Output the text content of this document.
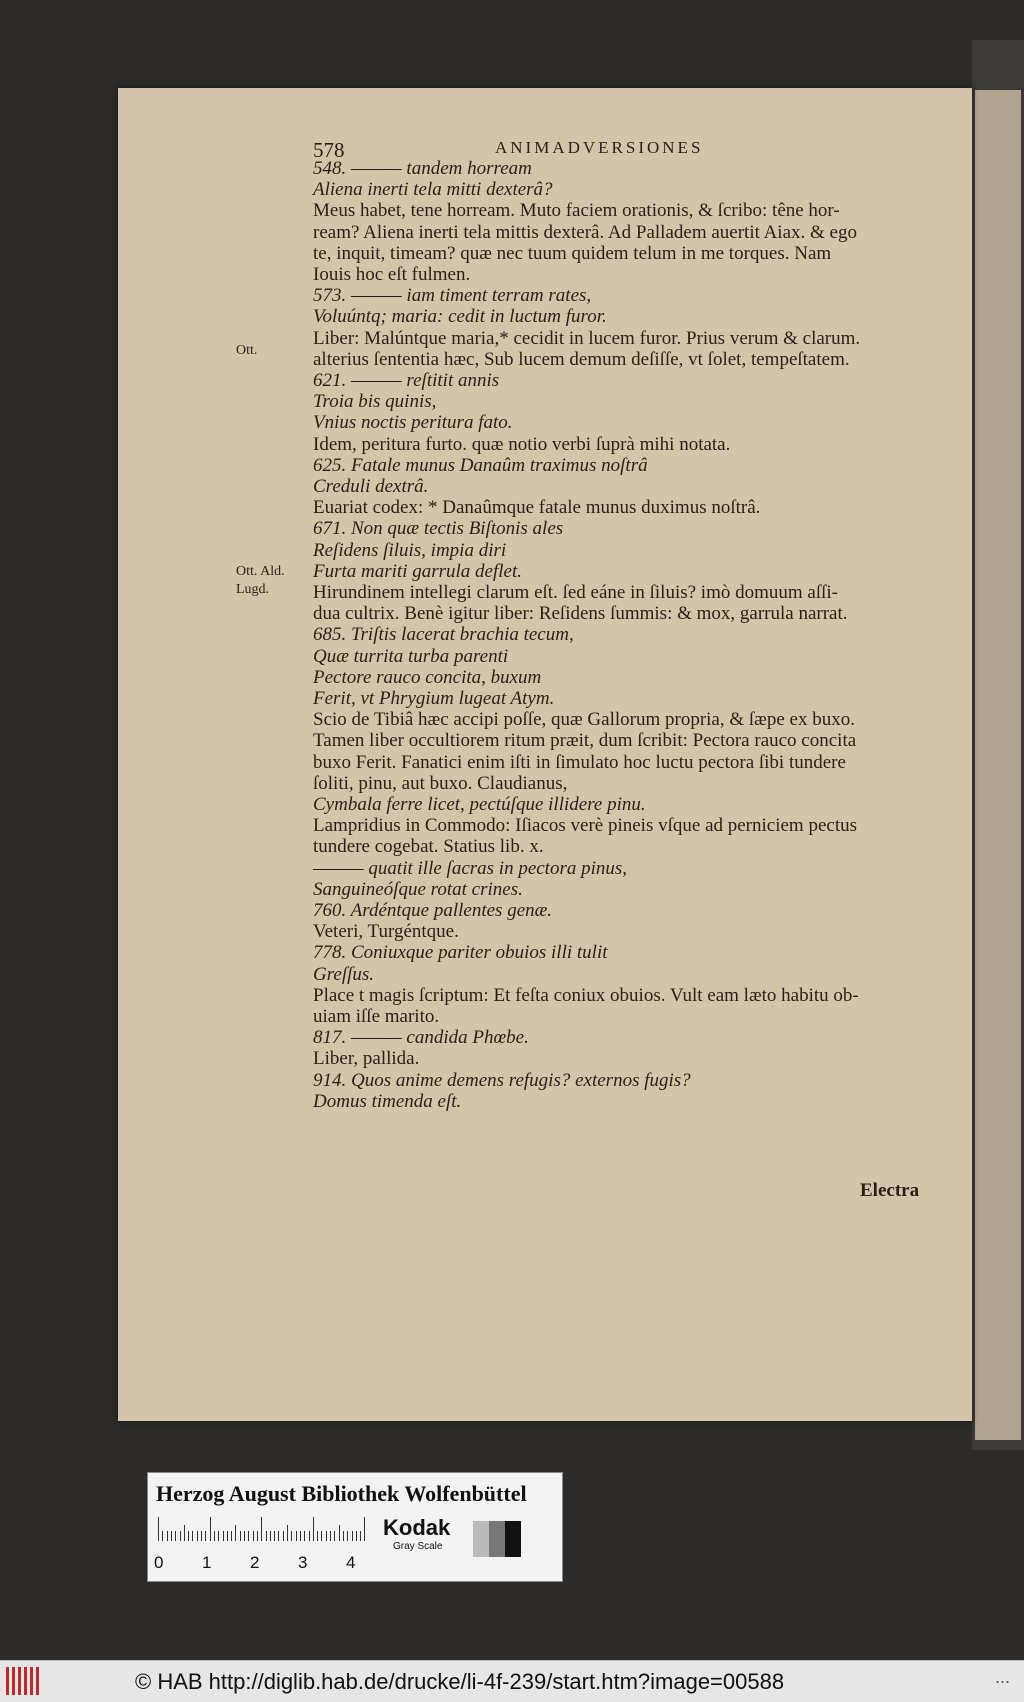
578	ANIMADVERSIONES
548. ——— tandem horream
Aliena inerti tela mitti dexterâ?
Meus habet, tene horream. Muto faciem orationis, & ſcribo: têne hor-
ream? Aliena inerti tela mittis dexterâ. Ad Palladem auertit Aiax. & ego
te, inquit, timeam? quæ nec tuum quidem telum in me torques. Nam
Iouis hoc eſt fulmen.
573. ——— iam timent terram rates,
Voluúntq; maria: cedit in luctum furor.
Liber: Malúntque maria,* cecidit in lucem furor. Prius verum & clarum.
alterius ſententia hæc, Sub lucem demum deſiſſe, vt ſolet, tempeſtatem.
621. ——— reſtitit annis
Troia bis quinis,
Vnius noctis peritura fato.
Idem, peritura furto. quæ notio verbi ſuprà mihi notata.
625. Fatale munus Danaûm traximus noſtrâ
Creduli dextrâ.
Euariat codex: * Danaûmque fatale munus duximus noſtrâ.
671. Non quæ tectis Biſtonis ales
Reſidens ſiluis, impia diri
Furta mariti garrula deflet.
Hirundinem intellegi clarum eſt. ſed eáne in ſiluis? imò domuum aſſi-
dua cultrix. Benè igitur liber: Reſidens ſummis: & mox, garrula narrat.
685. Triſtis lacerat brachia tecum,
Quæ turrita turba parenti
Pectore rauco concita, buxum
Ferit, vt Phrygium lugeat Atym.
Scio de Tibiâ hæc accipi poſſe, quæ Gallorum propria, & ſæpe ex buxo.
Tamen liber occultiorem ritum præit, dum ſcribit: Pectora rauco concita
buxo Ferit. Fanatici enim iſti in ſimulato hoc luctu pectora ſibi tundere
ſoliti, pinu, aut buxo. Claudianus,
Cymbala ferre licet, pectúſque illidere pinu.
Lampridius in Commodo: Iſiacos verè pineis vſque ad perniciem pectus
tundere cogebat. Statius lib. x.
——— quatit ille ſacras in pectora pinus,
Sanguineóſque rotat crines.
760. Ardéntque pallentes genæ.
Veteri, Turgéntque.
778. Coniuxque pariter obuios illi tulit
Greſſus.
Place t magis ſcriptum: Et feſta coniux obuios. Vult eam læto habitu ob-
uiam iſſe marito.
817. ——— candida Phœbe.
Liber, pallida.
914. Quos anime demens refugis? externos fugis?
Domus timenda eſt.
Ott.
Ott. Ald.
Lugd.
Electra
Herzog August Bibliothek Wolfenbüttel
0 1 2 3 4
Kodak
Gray Scale
© HAB http://diglib.hab.de/drucke/li-4f-239/start.htm?image=00588	...
